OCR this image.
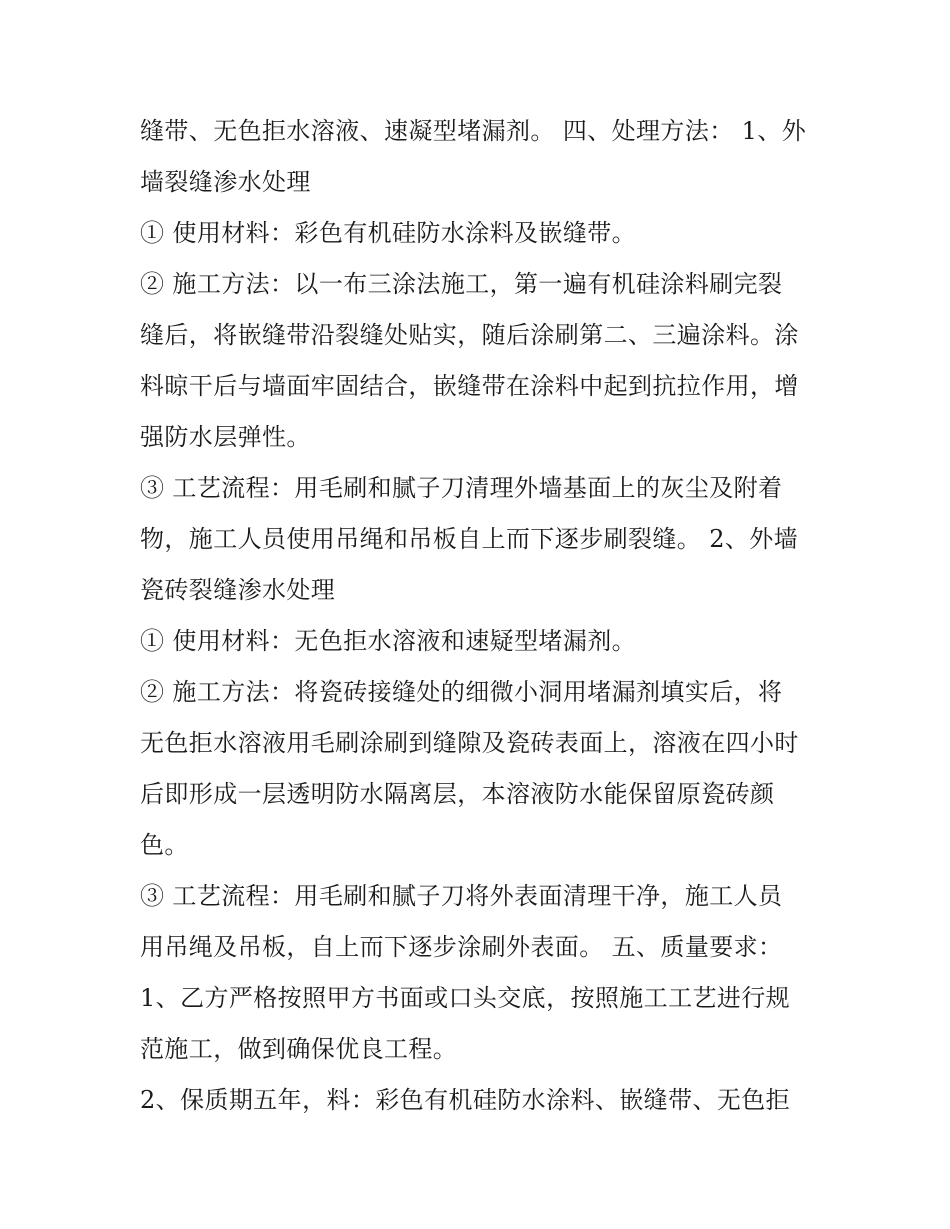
缝带、无色拒水溶液、速凝型堵漏剂。 四、处理方法： 1、外
墙裂缝渗水处理
① 使用材料：彩色有机硅防水涂料及嵌缝带。
② 施工方法：以一布三涂法施工，第一遍有机硅涂料刷完裂
缝后，将嵌缝带沿裂缝处贴实，随后涂刷第二、三遍涂料。涂
料晾干后与墙面牢固结合，嵌缝带在涂料中起到抗拉作用，增
强防水层弹性。
③ 工艺流程：用毛刷和腻子刀清理外墙基面上的灰尘及附着
物，施工人员使用吊绳和吊板自上而下逐步刷裂缝。 2、外墙
瓷砖裂缝渗水处理
① 使用材料：无色拒水溶液和速疑型堵漏剂。
② 施工方法：将瓷砖接缝处的细微小洞用堵漏剂填实后，将
无色拒水溶液用毛刷涂刷到缝隙及瓷砖表面上，溶液在四小时
后即形成一层透明防水隔离层，本溶液防水能保留原瓷砖颜
色。
③ 工艺流程：用毛刷和腻子刀将外表面清理干净，施工人员
用吊绳及吊板，自上而下逐步涂刷外表面。 五、质量要求：
1、乙方严格按照甲方书面或口头交底，按照施工工艺进行规
范施工，做到确保优良工程。
2、保质期五年，料：彩色有机硅防水涂料、嵌缝带、无色拒
